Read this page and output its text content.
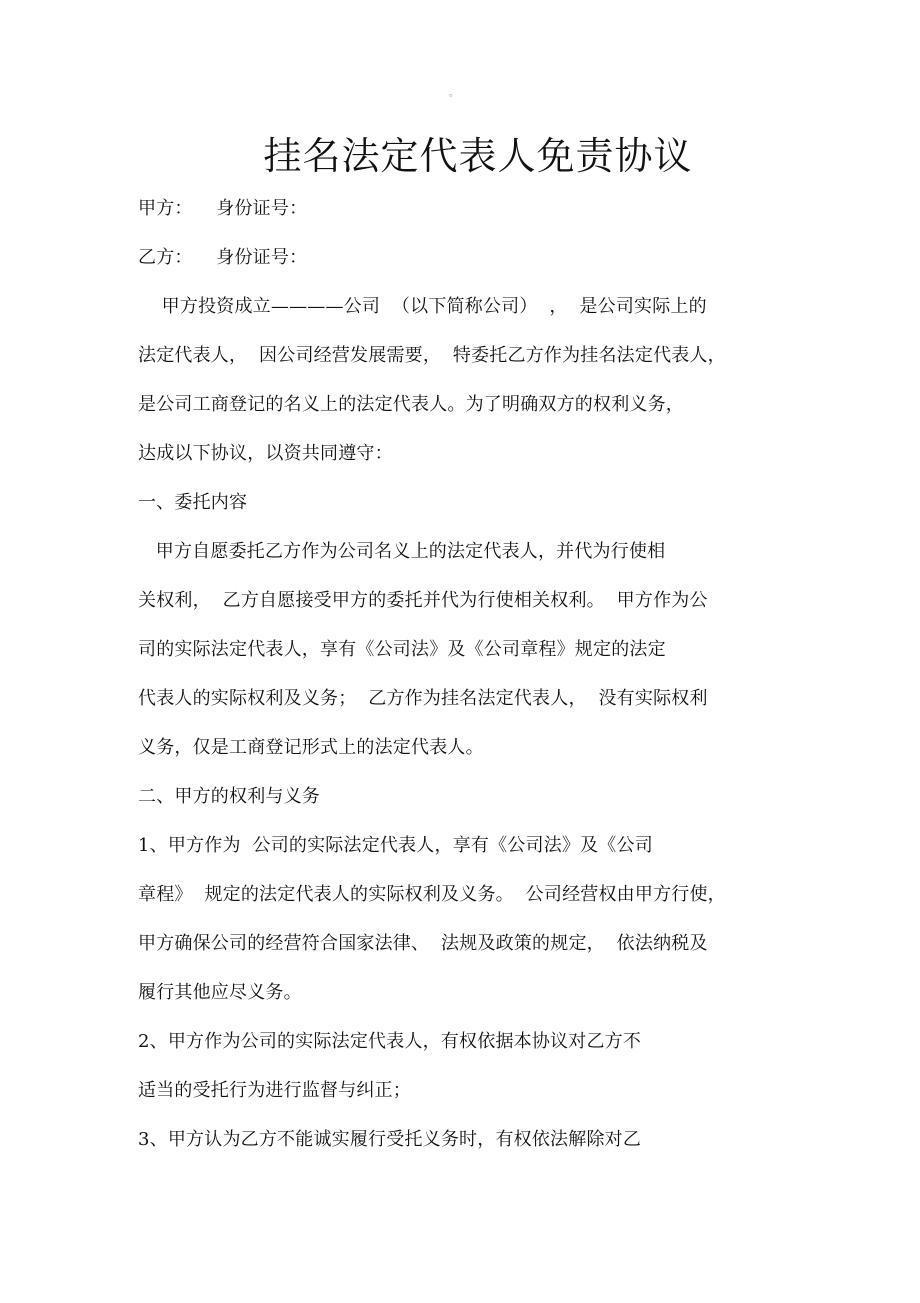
。
挂名法定代表人免责协议
甲方：    身份证号：
乙方：    身份证号：
甲方投资成立————公司  （以下简称公司）  ，  是公司实际上的
法定代表人，  因公司经营发展需要，  特委托乙方作为挂名法定代表人，
是公司工商登记的名义上的法定代表人。为了明确双方的权利义务，
达成以下协议，以资共同遵守：
一、委托内容
甲方自愿委托乙方作为公司名义上的法定代表人，并代为行使相
关权利，  乙方自愿接受甲方的委托并代为行使相关权利。  甲方作为公
司的实际法定代表人，享有《公司法》及《公司章程》规定的法定
代表人的实际权利及义务；  乙方作为挂名法定代表人，  没有实际权利
义务，仅是工商登记形式上的法定代表人。
二、甲方的权利与义务
1、甲方作为  公司的实际法定代表人，享有《公司法》及《公司
章程》  规定的法定代表人的实际权利及义务。  公司经营权由甲方行使，
甲方确保公司的经营符合国家法律、  法规及政策的规定，  依法纳税及
履行其他应尽义务。
2、甲方作为公司的实际法定代表人，有权依据本协议对乙方不
适当的受托行为进行监督与纠正；
3、甲方认为乙方不能诚实履行受托义务时，有权依法解除对乙
